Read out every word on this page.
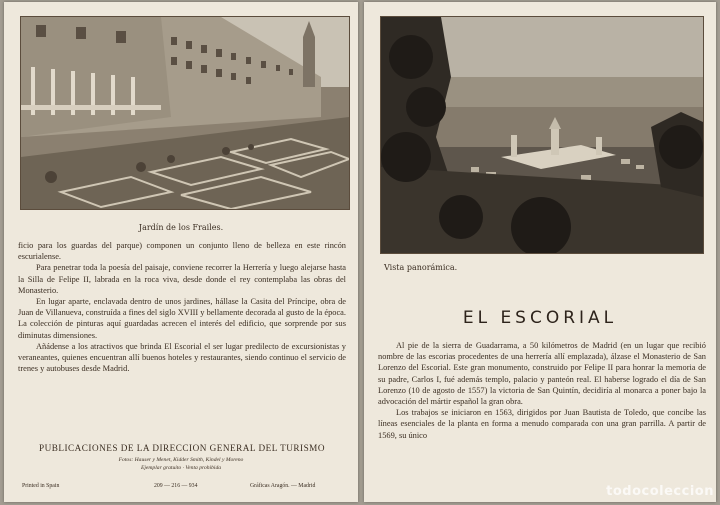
Jardín de los Frailes.

ficio para los guardas del parque) componen un conjunto lleno de belleza en este rincón escurialense.

Para penetrar toda la poesía del paisaje, conviene recorrer la Herrería y luego alejarse hasta la Silla de Felipe II, labrada en la roca viva, desde donde el rey contemplaba las obras del Monasterio.

En lugar aparte, enclavada dentro de unos jardines, hállase la Casita del Príncipe, obra de Juan de Villanueva, construída a fines del siglo XVIII y bellamente decorada al gusto de la época. La colección de pinturas aquí guardadas acrecen el interés del edificio, que sorprende por sus diminutas dimensiones.

Añádense a los atractivos que brinda El Escorial el ser lugar predilecto de excursionistas y veraneantes, quienes encuentran allí buenos hoteles y restaurantes, siendo continuo el servicio de trenes y autobuses desde Madrid.

PUBLICACIONES DE LA DIRECCION GENERAL DEL TURISMO
Fotos: Hauser y Menet, Kidder Smith, Kindel y Moreno
Ejemplar gratuito · Venta prohibida
Printed in Spain	209 — 216 — 934	Gráficas Aragón. — Madrid
Vista panorámica.
EL ESCORIAL

Al pie de la sierra de Guadarrama, a 50 kilómetros de Madrid (en un lugar que recibió nombre de las escorias procedentes de una herrería allí emplazada), álzase el Monasterio de San Lorenzo del Escorial. Este gran monumento, construido por Felipe II para honrar la memoria de su padre, Carlos I, fué además templo, palacio y panteón real. El haberse logrado el día de San Lorenzo (10 de agosto de 1557) la victoria de San Quintín, decidiría al monarca a poner bajo la advocación del mártir español la gran obra.

Los trabajos se iniciaron en 1563, dirigidos por Juan Bautista de Toledo, que concibe las líneas esenciales de la planta en forma a menudo comparada con una gran parrilla. A partir de 1569, su único

todocoleccion
